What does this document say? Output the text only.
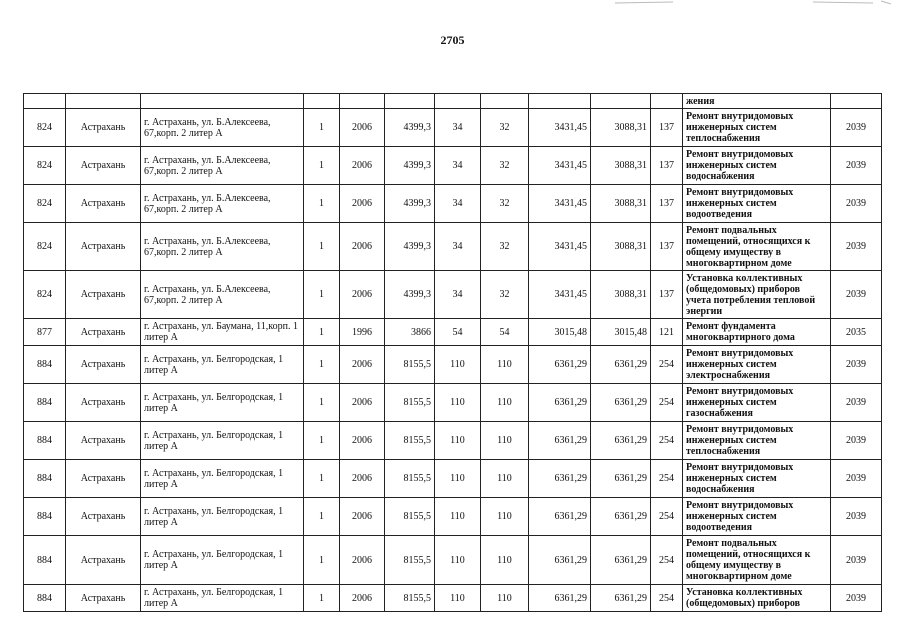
2705
											жения	
824	Астрахань	г. Астрахань, ул. Б.Алексеева, 67,корп. 2 литер А	1	2006	4399,3	34	32	3431,45	3088,31	137	Ремонт внутридомовых инженерных систем теплоснабжения	2039
824	Астрахань	г. Астрахань, ул. Б.Алексеева, 67,корп. 2 литер А	1	2006	4399,3	34	32	3431,45	3088,31	137	Ремонт внутридомовых инженерных систем водоснабжения	2039
824	Астрахань	г. Астрахань, ул. Б.Алексеева, 67,корп. 2 литер А	1	2006	4399,3	34	32	3431,45	3088,31	137	Ремонт внутридомовых инженерных систем водоотведения	2039
824	Астрахань	г. Астрахань, ул. Б.Алексеева, 67,корп. 2 литер А	1	2006	4399,3	34	32	3431,45	3088,31	137	Ремонт подвальных помещений, относящихся к общему имуществу в многоквартирном доме	2039
824	Астрахань	г. Астрахань, ул. Б.Алексеева, 67,корп. 2 литер А	1	2006	4399,3	34	32	3431,45	3088,31	137	Установка коллективных (общедомовых) приборов учета потребления тепловой энергии	2039
877	Астрахань	г. Астрахань, ул. Баумана, 11,корп. 1 литер А	1	1996	3866	54	54	3015,48	3015,48	121	Ремонт фундамента многоквартирного дома	2035
884	Астрахань	г. Астрахань, ул. Белгородская, 1 литер А	1	2006	8155,5	110	110	6361,29	6361,29	254	Ремонт внутридомовых инженерных систем электроснабжения	2039
884	Астрахань	г. Астрахань, ул. Белгородская, 1 литер А	1	2006	8155,5	110	110	6361,29	6361,29	254	Ремонт внутридомовых инженерных систем газоснабжения	2039
884	Астрахань	г. Астрахань, ул. Белгородская, 1 литер А	1	2006	8155,5	110	110	6361,29	6361,29	254	Ремонт внутридомовых инженерных систем теплоснабжения	2039
884	Астрахань	г. Астрахань, ул. Белгородская, 1 литер А	1	2006	8155,5	110	110	6361,29	6361,29	254	Ремонт внутридомовых инженерных систем водоснабжения	2039
884	Астрахань	г. Астрахань, ул. Белгородская, 1 литер А	1	2006	8155,5	110	110	6361,29	6361,29	254	Ремонт внутридомовых инженерных систем водоотведения	2039
884	Астрахань	г. Астрахань, ул. Белгородская, 1 литер А	1	2006	8155,5	110	110	6361,29	6361,29	254	Ремонт подвальных помещений, относящихся к общему имуществу в многоквартирном доме	2039
884	Астрахань	г. Астрахань, ул. Белгородская, 1 литер А	1	2006	8155,5	110	110	6361,29	6361,29	254	Установка коллективных (общедомовых) приборов	2039
